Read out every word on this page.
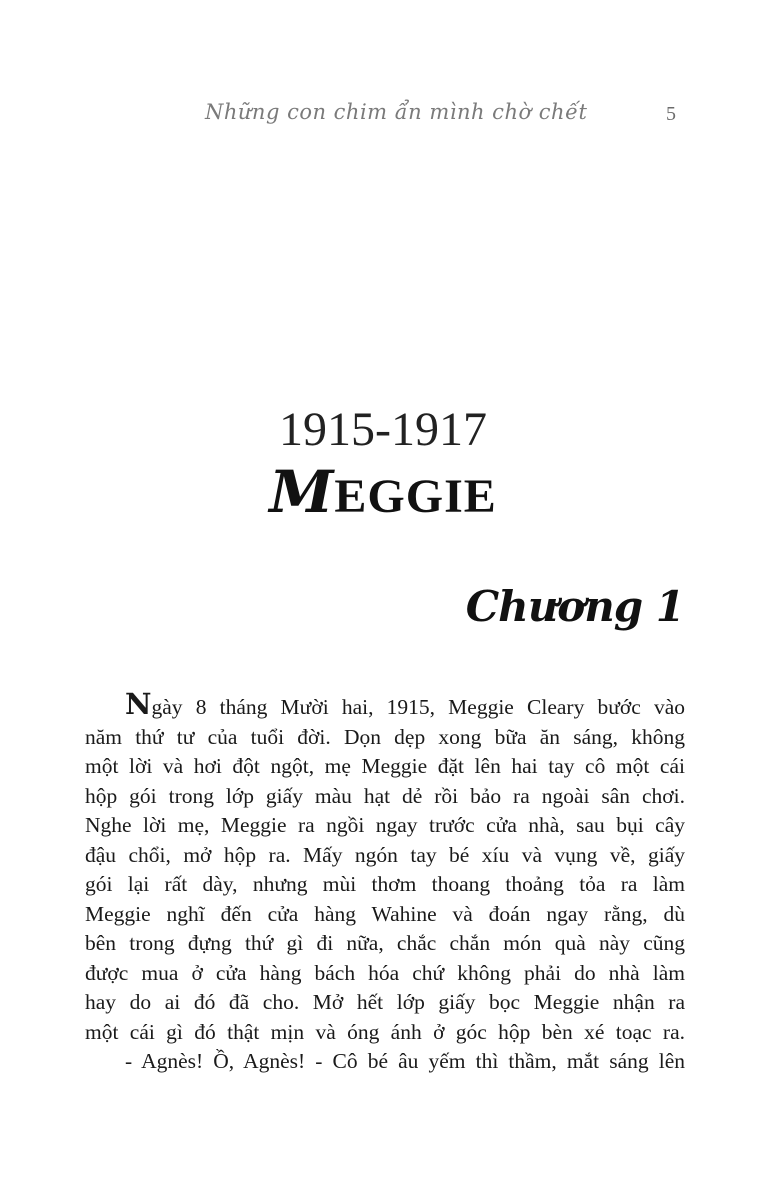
Những con chim ẩn mình chờ chết	5
1915-1917
MEGGIE
Chương 1
Ngày 8 tháng Mười hai, 1915, Meggie Cleary bước vào
năm thứ tư của tuổi đời. Dọn dẹp xong bữa ăn sáng, không
một lời và hơi đột ngột, mẹ Meggie đặt lên hai tay cô một cái
hộp gói trong lớp giấy màu hạt dẻ rồi bảo ra ngoài sân chơi.
Nghe lời mẹ, Meggie ra ngồi ngay trước cửa nhà, sau bụi cây
đậu chổi, mở hộp ra. Mấy ngón tay bé xíu và vụng về, giấy
gói lại rất dày, nhưng mùi thơm thoang thoảng tỏa ra làm
Meggie nghĩ đến cửa hàng Wahine và đoán ngay rằng, dù
bên trong đựng thứ gì đi nữa, chắc chắn món quà này cũng
được mua ở cửa hàng bách hóa chứ không phải do nhà làm
hay do ai đó đã cho. Mở hết lớp giấy bọc Meggie nhận ra
một cái gì đó thật mịn và óng ánh ở góc hộp bèn xé toạc ra.
- Agnès! Ồ, Agnès! - Cô bé âu yếm thì thầm, mắt sáng lên
